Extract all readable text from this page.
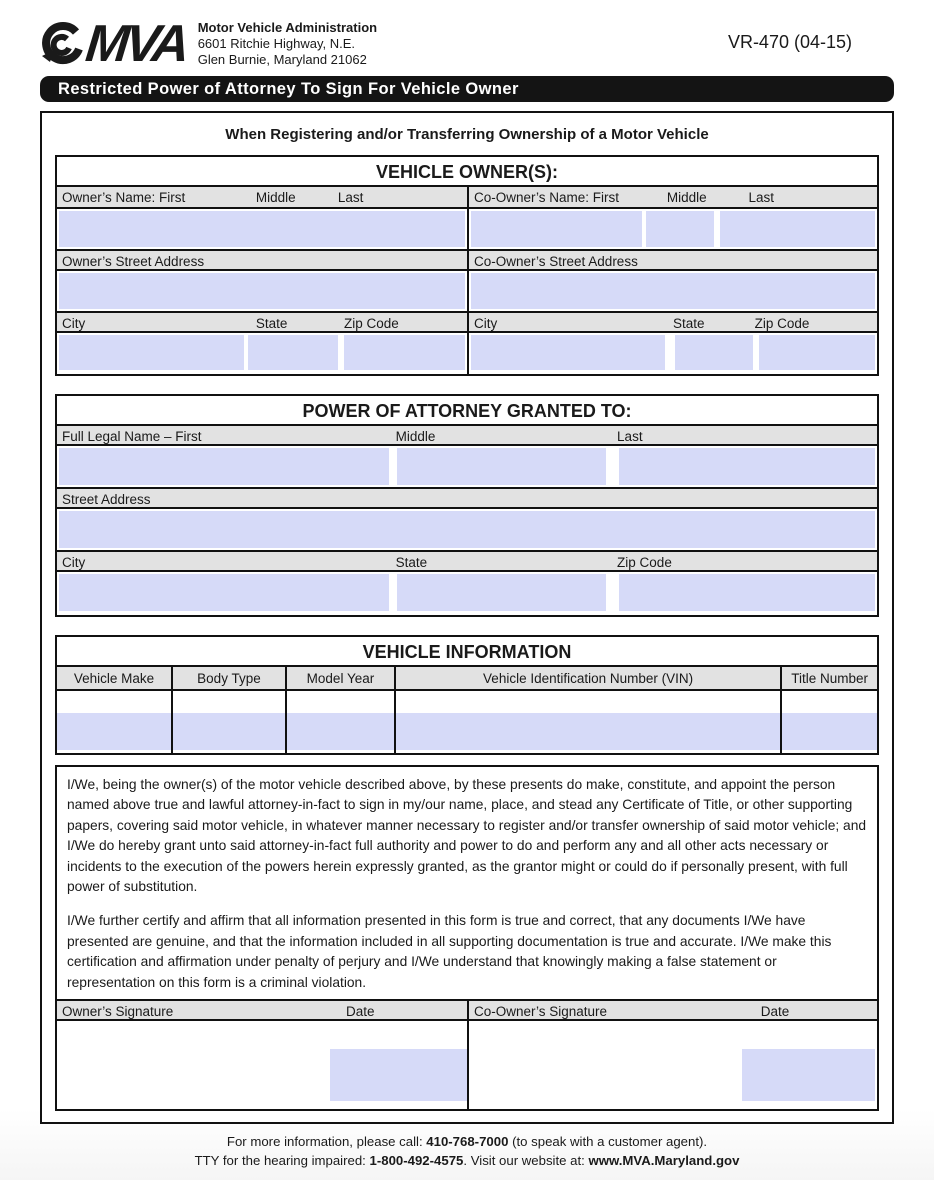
MVA Motor Vehicle Administration
6601 Ritchie Highway, N.E.
Glen Burnie, Maryland 21062
VR-470 (04-15)
Restricted Power of Attorney To Sign For Vehicle Owner
When Registering and/or Transferring Ownership of a Motor Vehicle
VEHICLE OWNER(S):
Owner’s Name: First	Middle	Last
Owner’s Street Address
City	State	Zip Code
Co-Owner’s Name: First	Middle	Last
Co-Owner’s Street Address
City	State	Zip Code
POWER OF ATTORNEY GRANTED TO:
Full Legal Name – First	Middle	Last
Street Address
City	State	Zip Code
VEHICLE INFORMATION
Vehicle Make	Body Type	Model Year	Vehicle Identification Number (VIN)	Title Number

I/We, being the owner(s) of the motor vehicle described above, by these presents do make, constitute, and appoint the person named above true and lawful attorney-in-fact to sign in my/our name, place, and stead any Certificate of Title, or other supporting papers, covering said motor vehicle, in whatever manner necessary to register and/or transfer ownership of said motor vehicle; and I/We do hereby grant unto said attorney-in-fact full authority and power to do and perform any and all other acts necessary or incidents to the execution of the powers herein expressly granted, as the grantor might or could do if personally present, with full power of substitution.

I/We further certify and affirm that all information presented in this form is true and correct, that any documents I/We have presented are genuine, and that the information included in all supporting documentation is true and accurate. I/We make this certification and affirmation under penalty of perjury and I/We understand that knowingly making a false statement or representation on this form is a criminal violation.

Owner’s Signature	Date	Co-Owner’s Signature	Date
For more information, please call: 410-768-7000 (to speak with a customer agent).
TTY for the hearing impaired: 1-800-492-4575. Visit our website at: www.MVA.Maryland.gov
